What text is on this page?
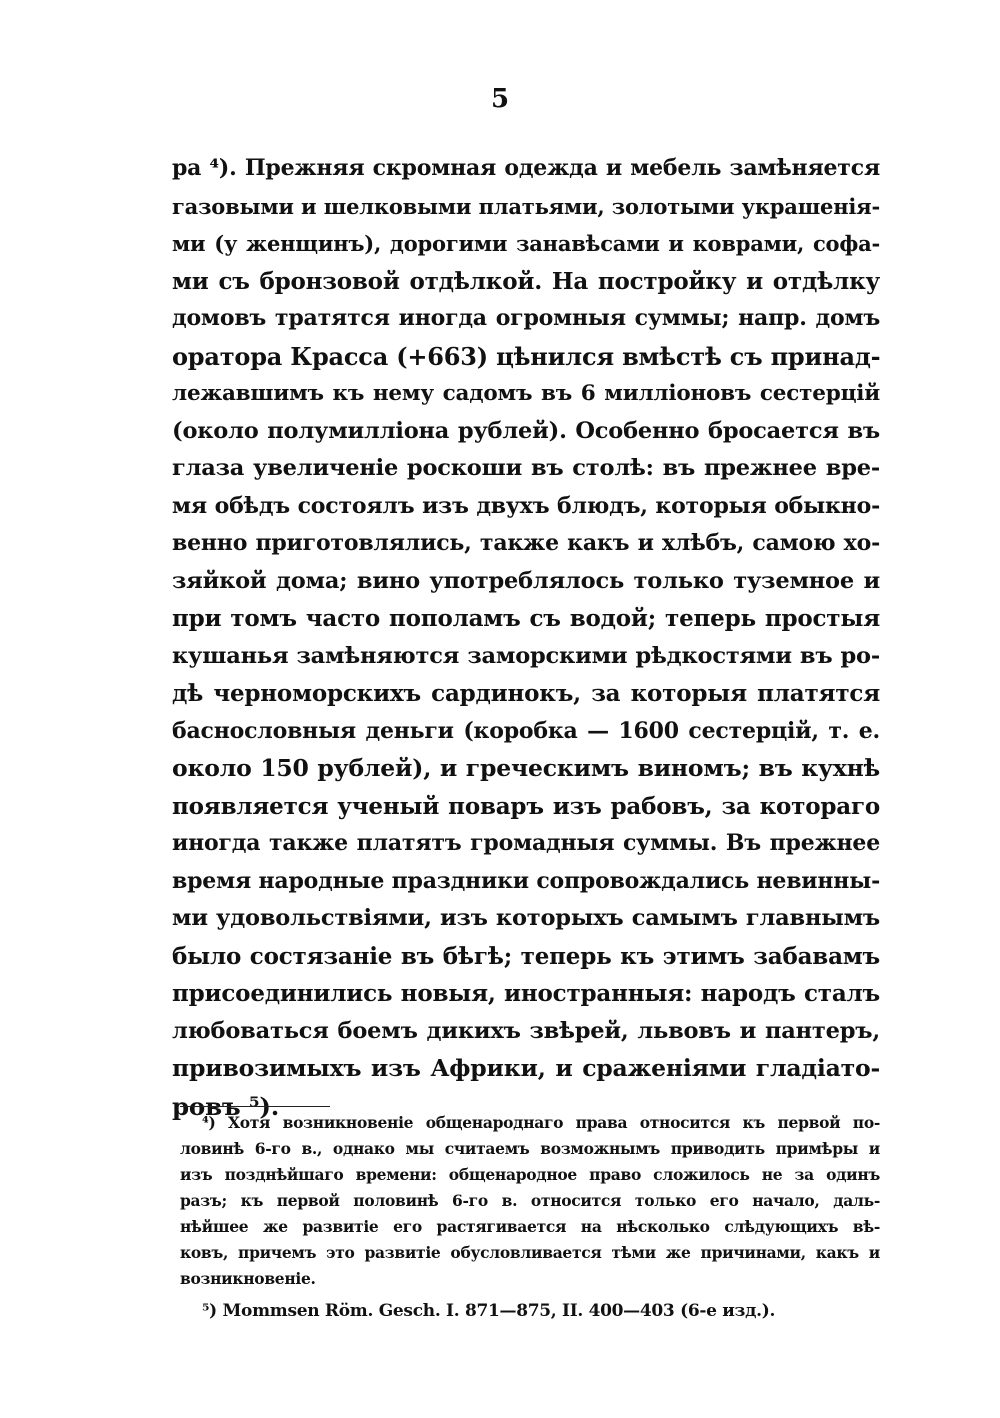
5
ра ⁴). Прежняя скромная одежда и мебель замѣняется
газовыми и шелковыми платьями, золотыми украшенія-
ми (у женщинъ), дорогими занавѣсами и коврами, софа-
ми съ бронзовой отдѣлкой. На постройку и отдѣлку
домовъ тратятся иногда огромныя суммы; напр. домъ
оратора Красса (+663) цѣнился вмѣстѣ съ принад-
лежавшимъ къ нему садомъ въ 6 милліоновъ сестерцій
(около полумилліона рублей). Особенно бросается въ
глаза увеличеніе роскоши въ столѣ: въ прежнее вре-
мя обѣдъ состоялъ изъ двухъ блюдъ, которыя обыкно-
венно приготовлялись, также какъ и хлѣбъ, самою хо-
зяйкой дома; вино употреблялось только туземное и
при томъ часто пополамъ съ водой; теперь простыя
кушанья замѣняются заморскими рѣдкостями въ ро-
дѣ черноморскихъ сардинокъ, за которыя платятся
баснословныя деньги (коробка — 1600 сестерцій, т. е.
около 150 рублей), и греческимъ виномъ; въ кухнѣ
появляется ученый поваръ изъ рабовъ, за котораго
иногда также платятъ громадныя суммы. Въ прежнее
время народные праздники сопровождались невинны-
ми удовольствіями, изъ которыхъ самымъ главнымъ
было состязаніе въ бѣгѣ; теперь къ этимъ забавамъ
присоединились новыя, иностранныя: народъ сталъ
любоваться боемъ дикихъ звѣрей, львовъ и пантеръ,
привозимыхъ изъ Африки, и сраженіями гладіато-
ровъ ⁵).
⁴) Хотя возникновеніе общенароднаго права относится къ первой по-
ловинѣ 6-го в., однако мы считаемъ возможнымъ приводить примѣры и
изъ позднѣйшаго времени: общенародное право сложилось не за одинъ
разъ; къ первой половинѣ 6-го в. относится только его начало, даль-
нѣйшее же развитіе его растягивается на нѣсколько слѣдующихъ вѣ-
ковъ, причемъ это развитіе обусловливается тѣми же причинами, какъ и
возникновеніе.
⁵) Mommsen Röm. Gesch. I. 871—875, II. 400—403 (6-е изд.).
